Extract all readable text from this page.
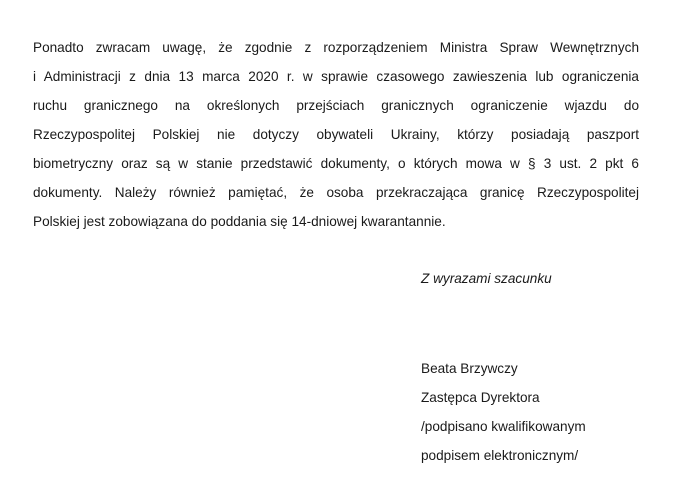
Ponadto zwracam uwagę, że zgodnie z rozporządzeniem Ministra Spraw Wewnętrznych
i Administracji z dnia 13 marca 2020 r. w sprawie czasowego zawieszenia lub ograniczenia
ruchu granicznego na określonych przejściach granicznych ograniczenie wjazdu do
Rzeczypospolitej Polskiej nie dotyczy obywateli Ukrainy, którzy posiadają paszport
biometryczny oraz są w stanie przedstawić dokumenty, o których mowa w § 3 ust. 2 pkt 6
dokumenty. Należy również pamiętać, że osoba przekraczająca granicę Rzeczypospolitej
Polskiej jest zobowiązana do poddania się 14-dniowej kwarantannie.
Z wyrazami szacunku
Beata Brzywczy
Zastępca Dyrektora
/podpisano kwalifikowanym
podpisem elektronicznym/
